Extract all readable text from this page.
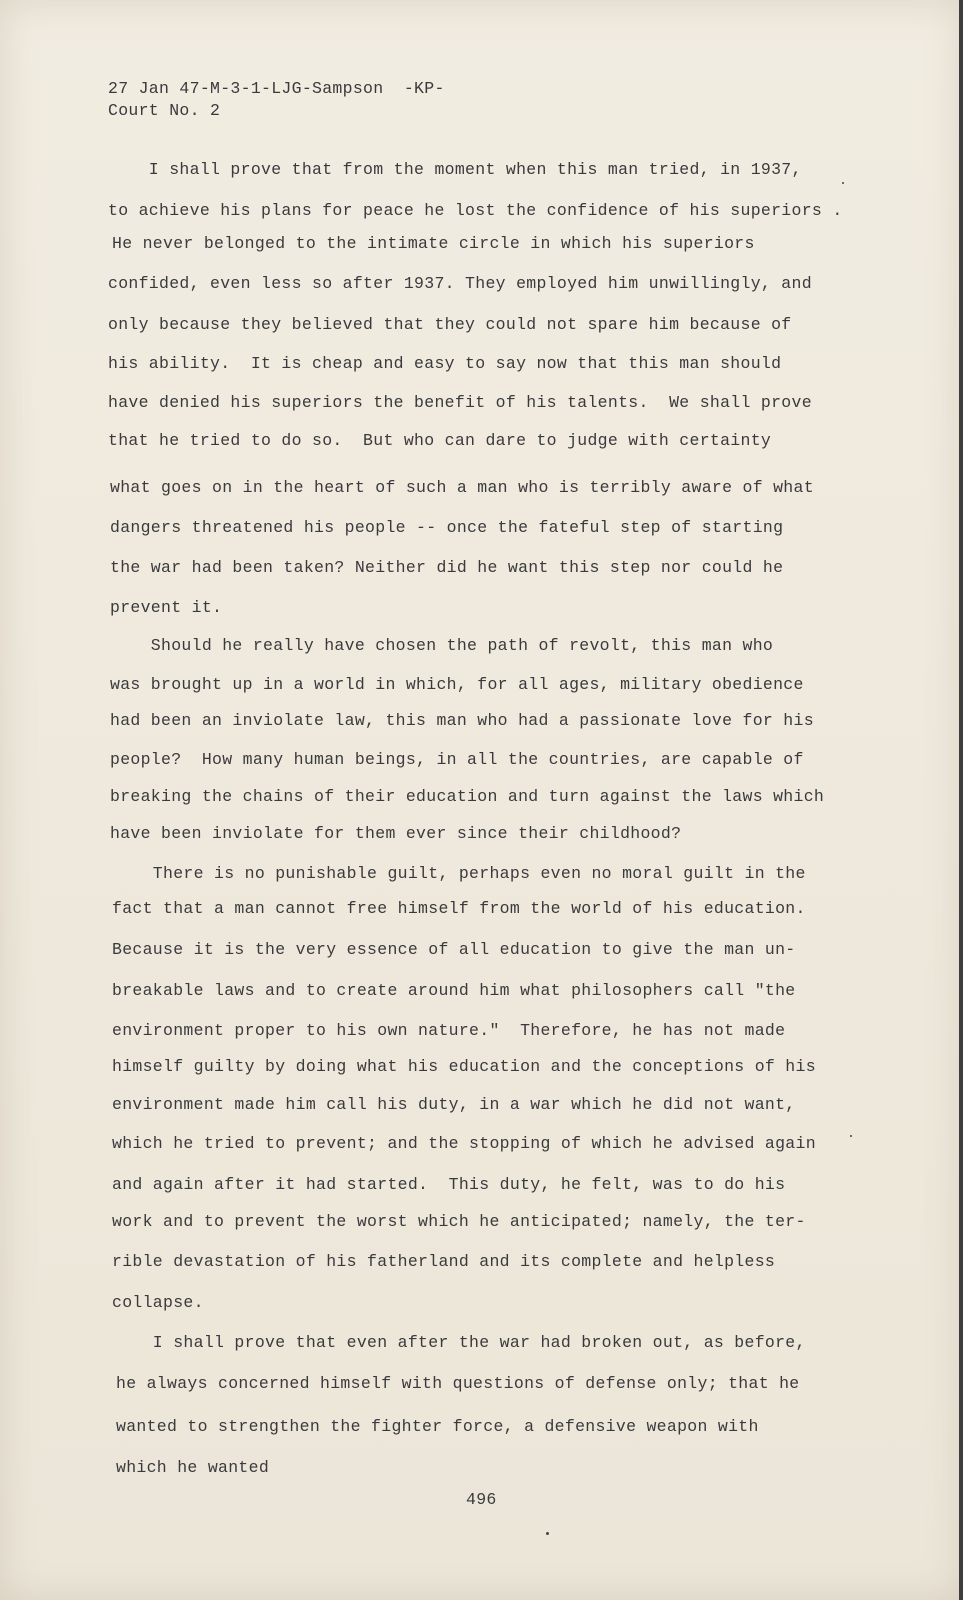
27 Jan 47-M-3-1-LJG-Sampson  -KP-
Court No. 2
I shall prove that from the moment when this man tried, in 1937,
to achieve his plans for peace he lost the confidence of his superiors .
He never belonged to the intimate circle in which his superiors
confided, even less so after 1937. They employed him unwillingly, and
only because they believed that they could not spare him because of
his ability.  It is cheap and easy to say now that this man should
have denied his superiors the benefit of his talents.  We shall prove
that he tried to do so.  But who can dare to judge with certainty
what goes on in the heart of such a man who is terribly aware of what
dangers threatened his people -- once the fateful step of starting
the war had been taken? Neither did he want this step nor could he
prevent it.
Should he really have chosen the path of revolt, this man who
was brought up in a world in which, for all ages, military obedience
had been an inviolate law, this man who had a passionate love for his
people?  How many human beings, in all the countries, are capable of
breaking the chains of their education and turn against the laws which
have been inviolate for them ever since their childhood?
There is no punishable guilt, perhaps even no moral guilt in the
fact that a man cannot free himself from the world of his education.
Because it is the very essence of all education to give the man un-
breakable laws and to create around him what philosophers call "the
environment proper to his own nature."  Therefore, he has not made
himself guilty by doing what his education and the conceptions of his
environment made him call his duty, in a war which he did not want,
which he tried to prevent; and the stopping of which he advised again
and again after it had started.  This duty, he felt, was to do his
work and to prevent the worst which he anticipated; namely, the ter-
rible devastation of his fatherland and its complete and helpless
collapse.
I shall prove that even after the war had broken out, as before,
he always concerned himself with questions of defense only; that he
wanted to strengthen the fighter force, a defensive weapon with
which he wanted
496
